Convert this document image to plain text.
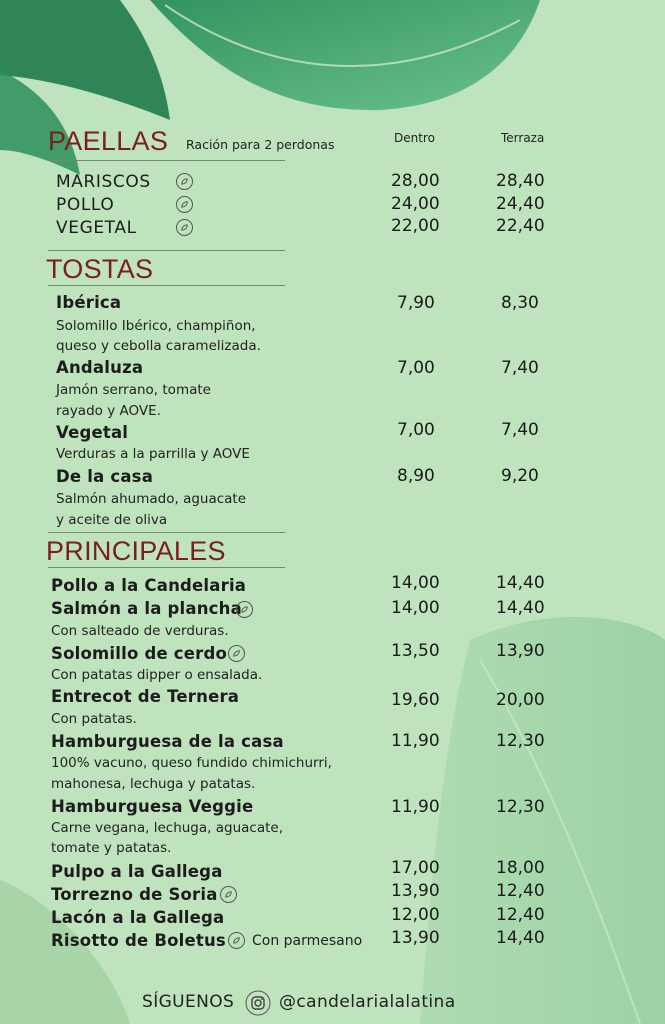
PAELLAS Ración para 2 perdonas	Dentro	Terraza
MARISCOS	28,00	28,40
POLLO	24,00	24,40
VEGETAL	22,00	22,40
TOSTAS
Ibérica
Solomillo Ibérico, champiñon,
queso y cebolla caramelizada.
7,90	8,30
Andaluza
Jamón serrano, tomate
rayado y AOVE.
7,00	7,40
Vegetal
Verduras a la parrilla y AOVE
7,00	7,40
De la casa
Salmón ahumado, aguacate
y aceite de oliva
8,90	9,20
PRINCIPALES
Pollo a la Candelaria	14,00	14,40
Salmón a la plancha
Con salteado de verduras.
14,00	14,40
Solomillo de cerdo
Con patatas dipper o ensalada.
13,50	13,90
Entrecot de Ternera
Con patatas.
19,60	20,00
Hamburguesa de la casa
100% vacuno, queso fundido chimichurri,
mahonesa, lechuga y patatas.
11,90	12,30
Hamburguesa Veggie
Carne vegana, lechuga, aguacate,
tomate y patatas.
11,90	12,30
Pulpo a la Gallega	17,00	18,00
Torrezno de Soria	13,90	12,40
Lacón a la Gallega	12,00	12,40
Risotto de Boletus Con parmesano 13,90	14,40
SÍGUENOS	@candelarialalatina
